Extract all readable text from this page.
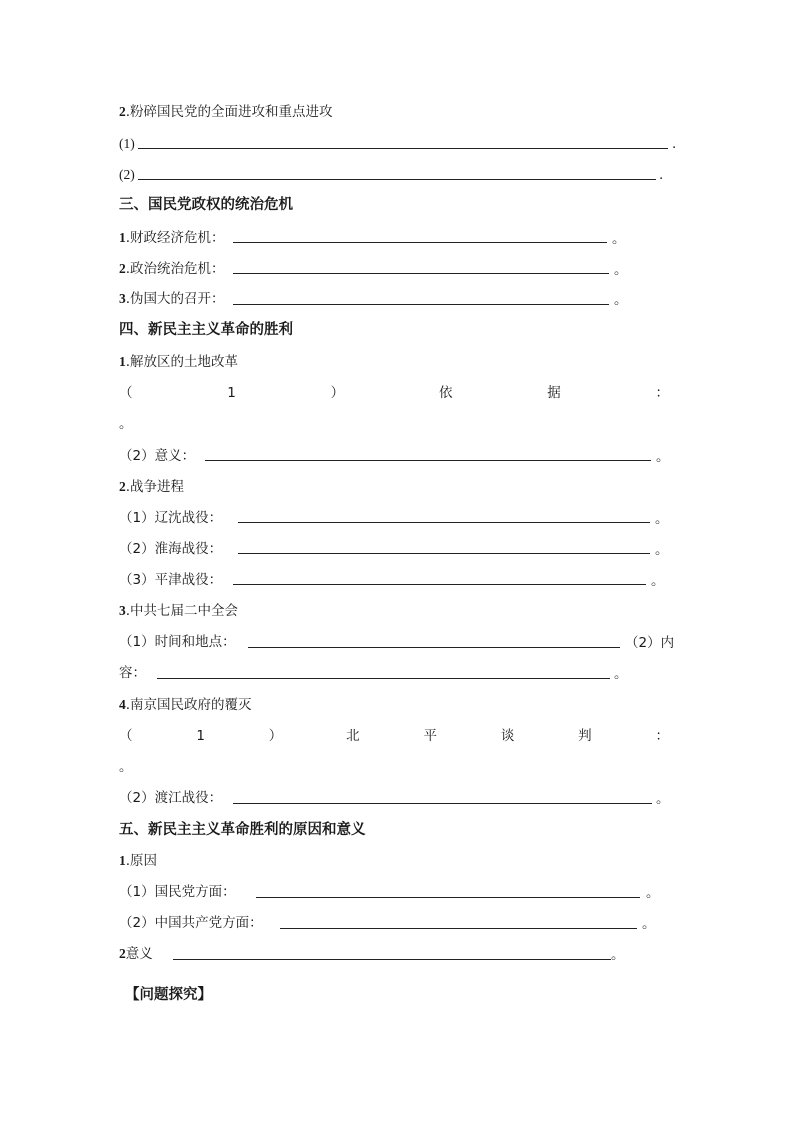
2.粉碎国民党的全面进攻和重点进攻
(1)	.
(2)	.
三、国民党政权的统治危机
1.财政经济危机：	。
2.政治统治危机：	。
3.伪国大的召开：	。
四、新民主主义革命的胜利
1.解放区的土地改革
（	1	）	依	据	：
。
（2）意义：	。
2.战争进程
（1）辽沈战役：	。
（2）淮海战役：	。
（3）平津战役：	。
3.中共七届二中全会
（1）时间和地点：	（2）内
容：	。
4.南京国民政府的覆灭
（	1	）	北	平	谈	判	：
。
（2）渡江战役：	。
五、新民主主义革命胜利的原因和意义
1.原因
（1）国民党方面：	。
（2）中国共产党方面：	。
2意义	。
【问题探究】
